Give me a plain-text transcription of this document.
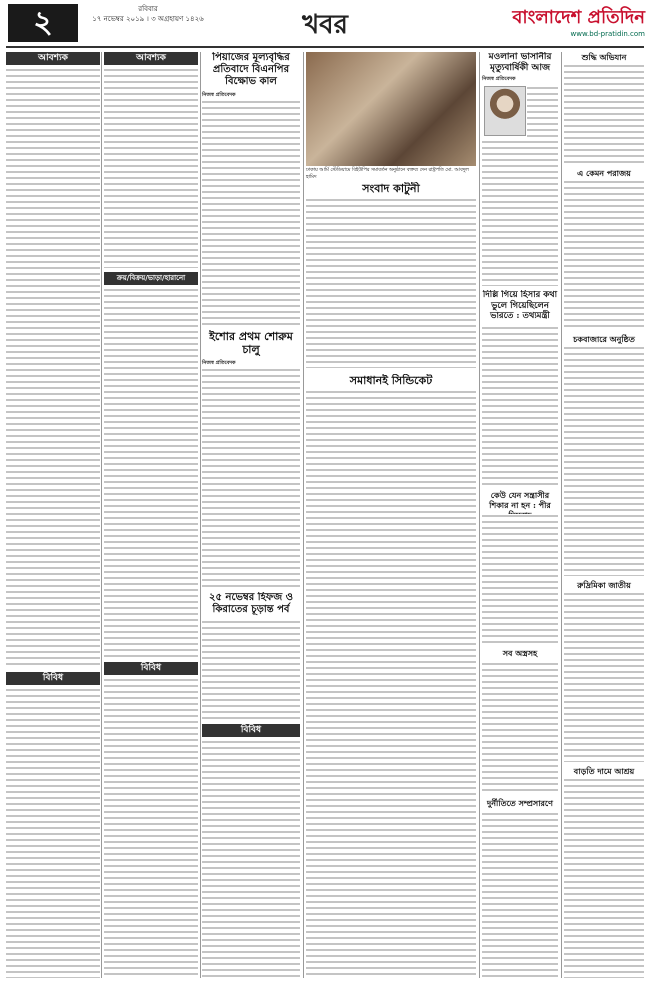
২	রবিবার
১৭ নভেম্বর ২০১৯ । ৩ অগ্রহায়ণ ১৪২৬	খবর	বাংলাদেশ প্রতিদিন
www.bd-pratidin.com
আবশ্যক
বিবিধ
আবশ্যক
ক্রয়/বিক্রয়/ভাড়া/হারানো
বিবিধ
পিয়াজের মূল্যবৃদ্ধির প্রতিবাদে বিএনপির বিক্ষোভ কাল
নিজস্ব প্রতিবেদক
ইশোর প্রথম শোরুম চালু
নিজস্ব প্রতিবেদক
২৫ নভেম্বর হিফজ ও কিরাতের চূড়ান্ত পর্ব
বিবিধ
ঢাকায় আর্মি স্টেডিয়ামে বিইউপির সমাবর্তন অনুষ্ঠানে বক্তব্য দেন রাষ্ট্রপতি মো. আবদুল হামিদ
সংবাদ কাটুনী
সমাধানই সিন্ডিকেট
মওলানা ভাসানীর মৃত্যুবার্ষিকী আজ
নিজস্ব প্রতিবেদক
দিল্লি গিয়ে হিসার কথা ভুলে গিয়েছিলেন ভারতে : তথ্যমন্ত্রী
কেউ যেন সন্ত্রাসীর শিকার না হন : পীর
সব অস্ত্রসহ
দুর্নীতিতে সম্প্রসারণে
শুদ্ধি অভিযান
এ কেমন পরাজয়
চকবাজারে অনুষ্ঠিত
রুদ্রিমিকা জাতীয়
বাড়তি দামে আশ্রয়
